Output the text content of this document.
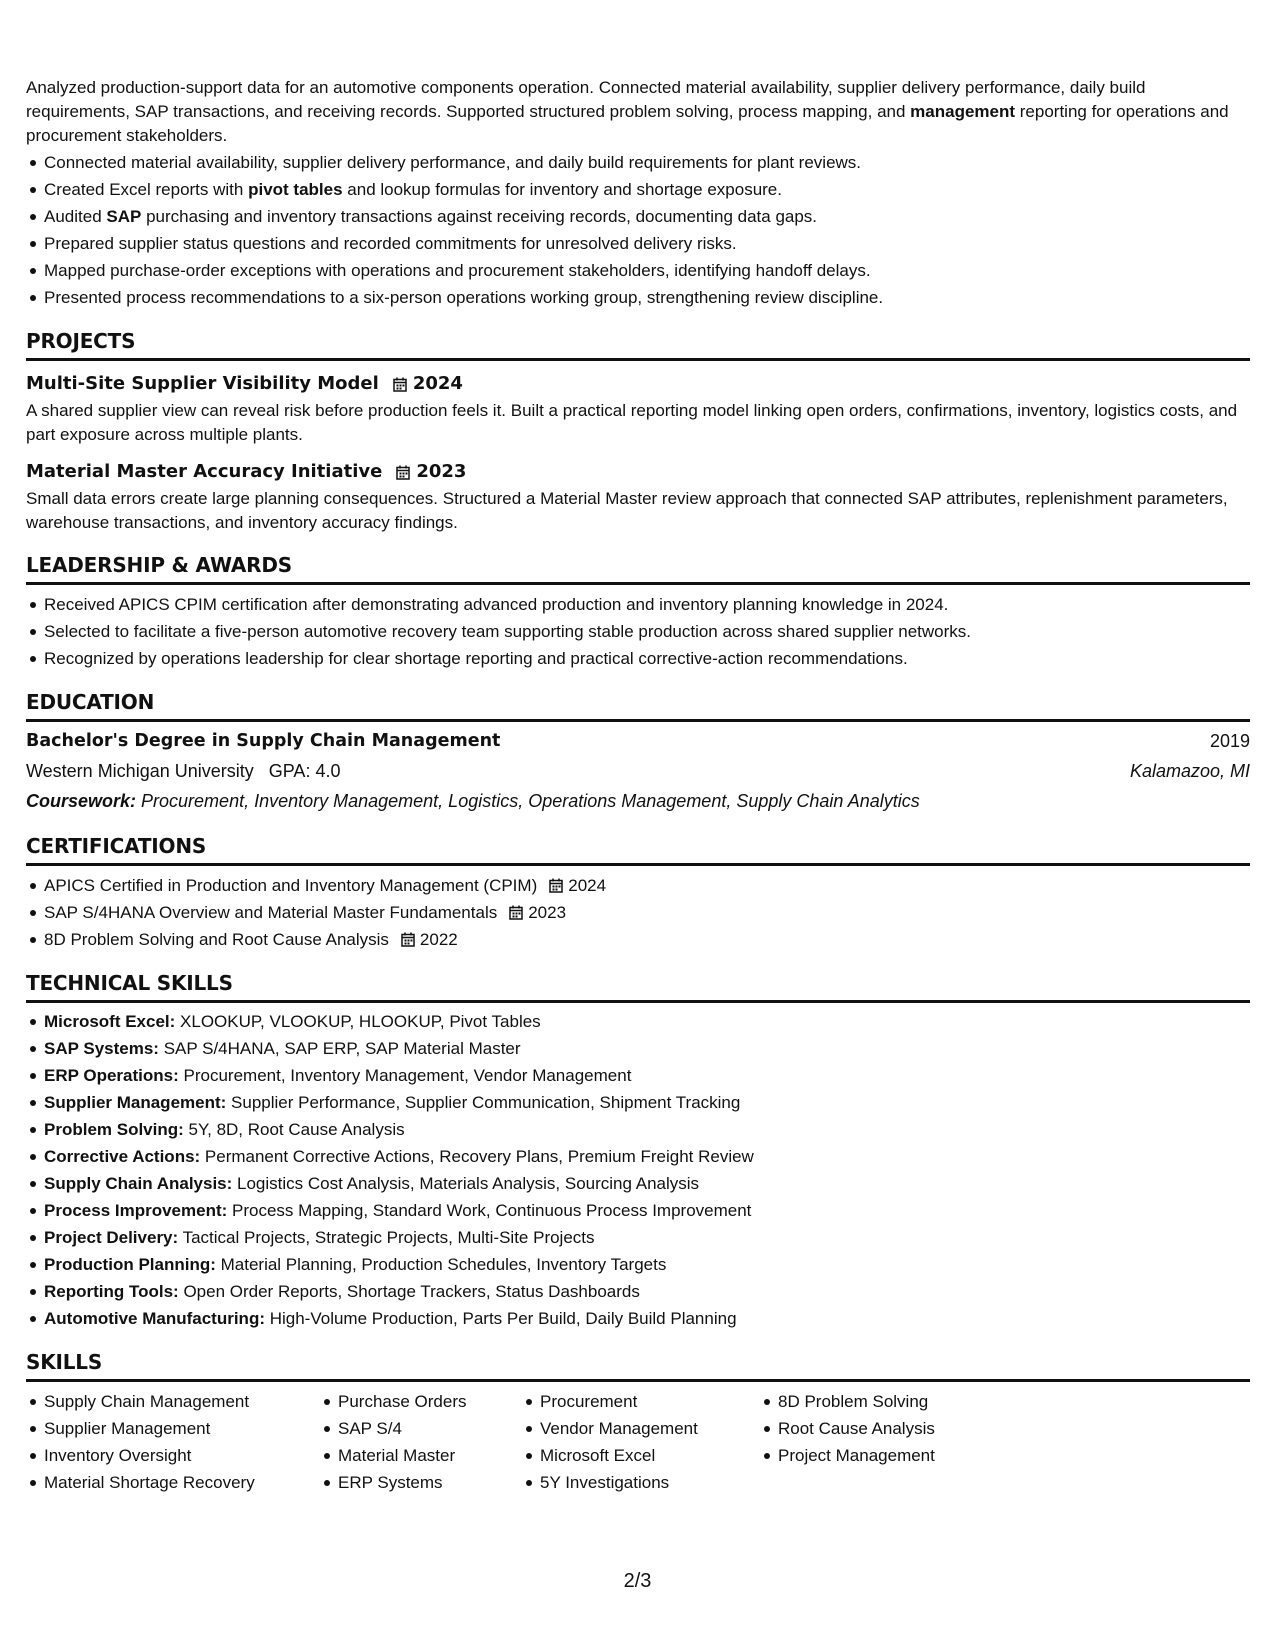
Analyzed production-support data for an automotive components operation. Connected material availability, supplier delivery performance, daily build requirements, SAP transactions, and receiving records. Supported structured problem solving, process mapping, and management reporting for operations and procurement stakeholders.

Connected material availability, supplier delivery performance, and daily build requirements for plant reviews.
Created Excel reports with pivot tables and lookup formulas for inventory and shortage exposure.
Audited SAP purchasing and inventory transactions against receiving records, documenting data gaps.
Prepared supplier status questions and recorded commitments for unresolved delivery risks.
Mapped purchase-order exceptions with operations and procurement stakeholders, identifying handoff delays.
Presented process recommendations to a six-person operations working group, strengthening review discipline.
PROJECTS
Multi-Site Supplier Visibility Model 2024

A shared supplier view can reveal risk before production feels it. Built a practical reporting model linking open orders, confirmations, inventory, logistics costs, and part exposure across multiple plants.

Material Master Accuracy Initiative 2023

Small data errors create large planning consequences. Structured a Material Master review approach that connected SAP attributes, replenishment parameters, warehouse transactions, and inventory accuracy findings.

LEADERSHIP & AWARDS
Received APICS CPIM certification after demonstrating advanced production and inventory planning knowledge in 2024.
Selected to facilitate a five-person automotive recovery team supporting stable production across shared supplier networks.
Recognized by operations leadership for clear shortage reporting and practical corrective-action recommendations.
EDUCATION
Bachelor's Degree in Supply Chain Management	2019
Western Michigan University GPA: 4.0	Kalamazoo, MI
Coursework: Procurement, Inventory Management, Logistics, Operations Management, Supply Chain Analytics
CERTIFICATIONS
APICS Certified in Production and Inventory Management (CPIM) 2024
SAP S/4HANA Overview and Material Master Fundamentals 2023
8D Problem Solving and Root Cause Analysis 2022
TECHNICAL SKILLS
Microsoft Excel: XLOOKUP, VLOOKUP, HLOOKUP, Pivot Tables
SAP Systems: SAP S/4HANA, SAP ERP, SAP Material Master
ERP Operations: Procurement, Inventory Management, Vendor Management
Supplier Management: Supplier Performance, Supplier Communication, Shipment Tracking
Problem Solving: 5Y, 8D, Root Cause Analysis
Corrective Actions: Permanent Corrective Actions, Recovery Plans, Premium Freight Review
Supply Chain Analysis: Logistics Cost Analysis, Materials Analysis, Sourcing Analysis
Process Improvement: Process Mapping, Standard Work, Continuous Process Improvement
Project Delivery: Tactical Projects, Strategic Projects, Multi-Site Projects
Production Planning: Material Planning, Production Schedules, Inventory Targets
Reporting Tools: Open Order Reports, Shortage Trackers, Status Dashboards
Automotive Manufacturing: High-Volume Production, Parts Per Build, Daily Build Planning
SKILLS
Supply Chain Management
Supplier Management
Inventory Oversight
Material Shortage Recovery
Purchase Orders
SAP S/4
Material Master
ERP Systems
Procurement
Vendor Management
Microsoft Excel
5Y Investigations
8D Problem Solving
Root Cause Analysis
Project Management
2/3
